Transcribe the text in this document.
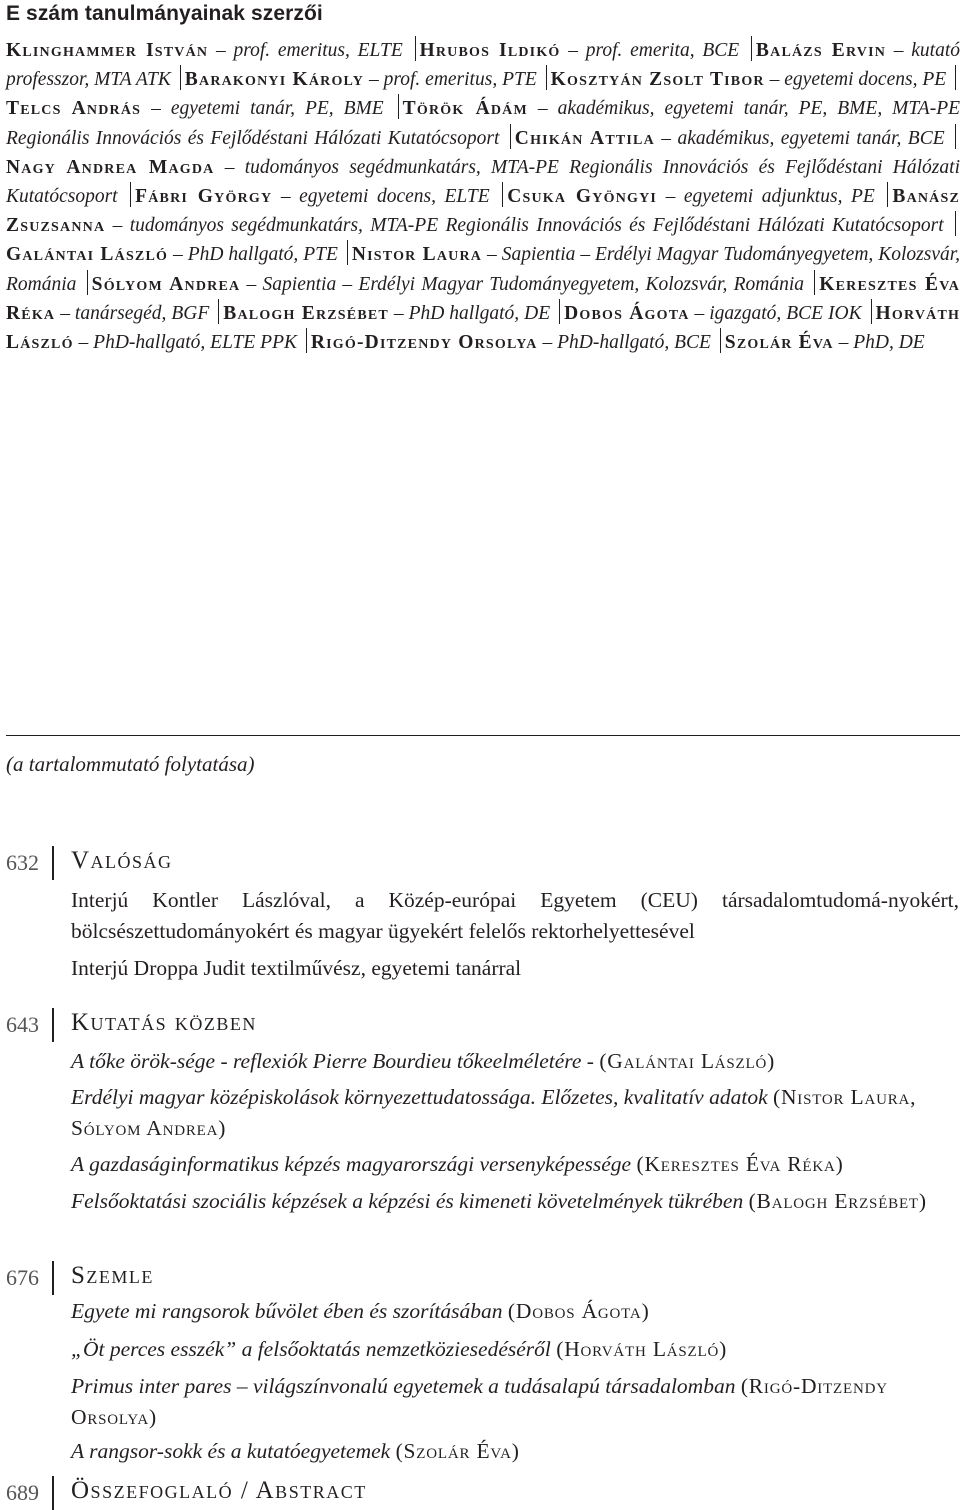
E szám tanulmányainak szerzői
Klinghammer István – prof. emeritus, ELTE Hrubos Ildikó – prof. emerita, BCE Balázs Ervin – kutató professzor, MTA ATK Barakonyi Károly – prof. emeritus, PTE Kosztyán Zsolt Tibor – egyetemi docens, PE Telcs András – egyetemi tanár, PE, BME Török Ádám – akadémikus, egyetemi tanár, PE, BME, MTA-PE Regionális Innovációs és Fejlődéstani Hálózati Kutatócsoport Chikán Attila – akadémikus, egyetemi tanár, BCE Nagy Andrea Magda – tudományos segédmunkatárs, MTA-PE Regionális Innovációs és Fejlődéstani Hálózati Kutatócsoport Fábri György – egyetemi docens, ELTE Csuka Gyöngyi – egyetemi adjunktus, PE Banász Zsuzsanna – tudományos segédmunkatárs, MTA-PE Regionális Innovációs és Fejlődéstani Hálózati Kutatócsoport Galántai László – PhD hallgató, PTE Nistor Laura – Sapientia – Erdélyi Magyar Tudományegyetem, Kolozsvár, Románia Sólyom Andrea – Sapientia – Erdélyi Magyar Tudományegyetem, Kolozsvár, Románia Keresztes Éva Réka – tanársegéd, BGF Balogh Erzsébet – PhD hallgató, DE Dobos Ágota – igazgató, BCE IOK Horváth László – PhD-hallgató, ELTE PPK Rigó-Ditzendy Orsolya – PhD-hallgató, BCE Szolár Éva – PhD, DE
(a tartalommutató folytatása)
632 Valóság
Interjú Kontler Lászlóval, a Közép-európai Egyetem (CEU) társadalomtudomá-nyokért, bölcsészettudományokért és magyar ügyekért felelős rektorhelyettesével
Interjú Droppa Judit textilművész, egyetemi tanárral
643 Kutatás közben
A tőke örök-sége - reflexiók Pierre Bourdieu tőkeelméletére - (Galántai László)
Erdélyi magyar középiskolások környezettudatossága. Előzetes, kvalitatív adatok (Nistor Laura, Sólyom Andrea)
A gazdaságinformatikus képzés magyarországi versenyképessége (Keresztes Éva Réka)
Felsőoktatási szociális képzések a képzési és kimeneti követelmények tükrében (Balogh Erzsébet)
676 Szemle
Egyete mi rangsorok bűvölet ében és szorításában (Dobos Ágota)
„Öt perces esszék” a felsőoktatás nemzetköziesedéséről (Horváth László)
Primus inter pares – világszínvonalú egyetemek a tudásalapú társadalomban (Rigó-Ditzendy Orsolya)
A rangsor-sokk és a kutatóegyetemek (Szolár Éva)
689 Összefoglaló / Abstract
